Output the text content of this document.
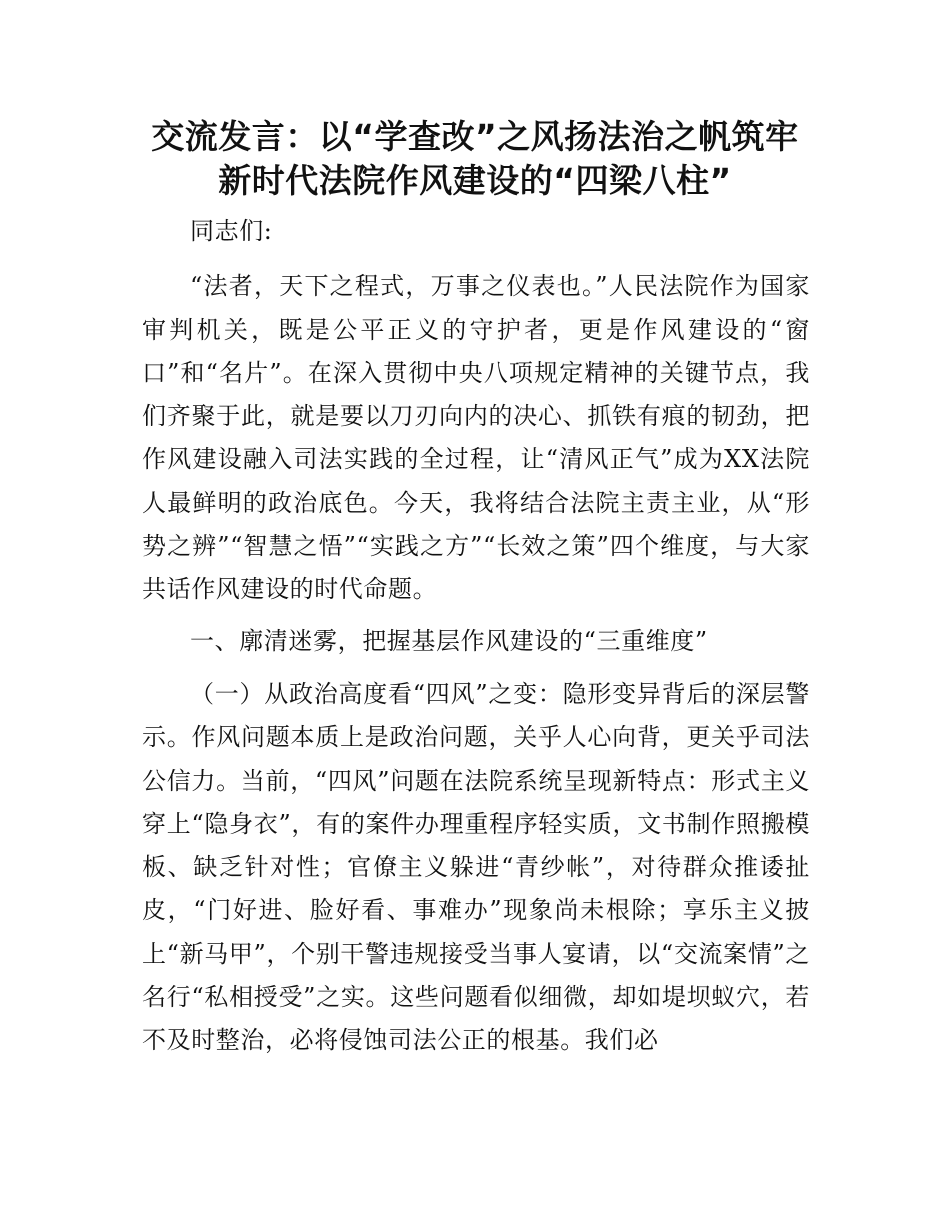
交流发言：以“学查改”之风扬法治之帆筑牢
新时代法院作风建设的“四梁八柱”

同志们:

“法者，天下之程式，万事之仪表也。”人民法院作为国家审判机关，既是公平正义的守护者，更是作风建设的“窗口”和“名片”。在深入贯彻中央八项规定精神的关键节点，我们齐聚于此，就是要以刀刃向内的决心、抓铁有痕的韧劲，把作风建设融入司法实践的全过程，让“清风正气”成为XX法院人最鲜明的政治底色。今天，我将结合法院主责主业，从“形势之辨”“智慧之悟”“实践之方”“长效之策”四个维度，与大家共话作风建设的时代命题。

一、廓清迷雾，把握基层作风建设的“三重维度”

（一）从政治高度看“四风”之变：隐形变异背后的深层警示。作风问题本质上是政治问题，关乎人心向背，更关乎司法公信力。当前，“四风”问题在法院系统呈现新特点：形式主义穿上“隐身衣”，有的案件办理重程序轻实质，文书制作照搬模板、缺乏针对性；官僚主义躲进“青纱帐”，对待群众推诿扯皮，“门好进、脸好看、事难办”现象尚未根除；享乐主义披上“新马甲”，个别干警违规接受当事人宴请，以“交流案情”之名行“私相授受”之实。这些问题看似细微，却如堤坝蚁穴，若不及时整治，必将侵蚀司法公正的根基。我们必
